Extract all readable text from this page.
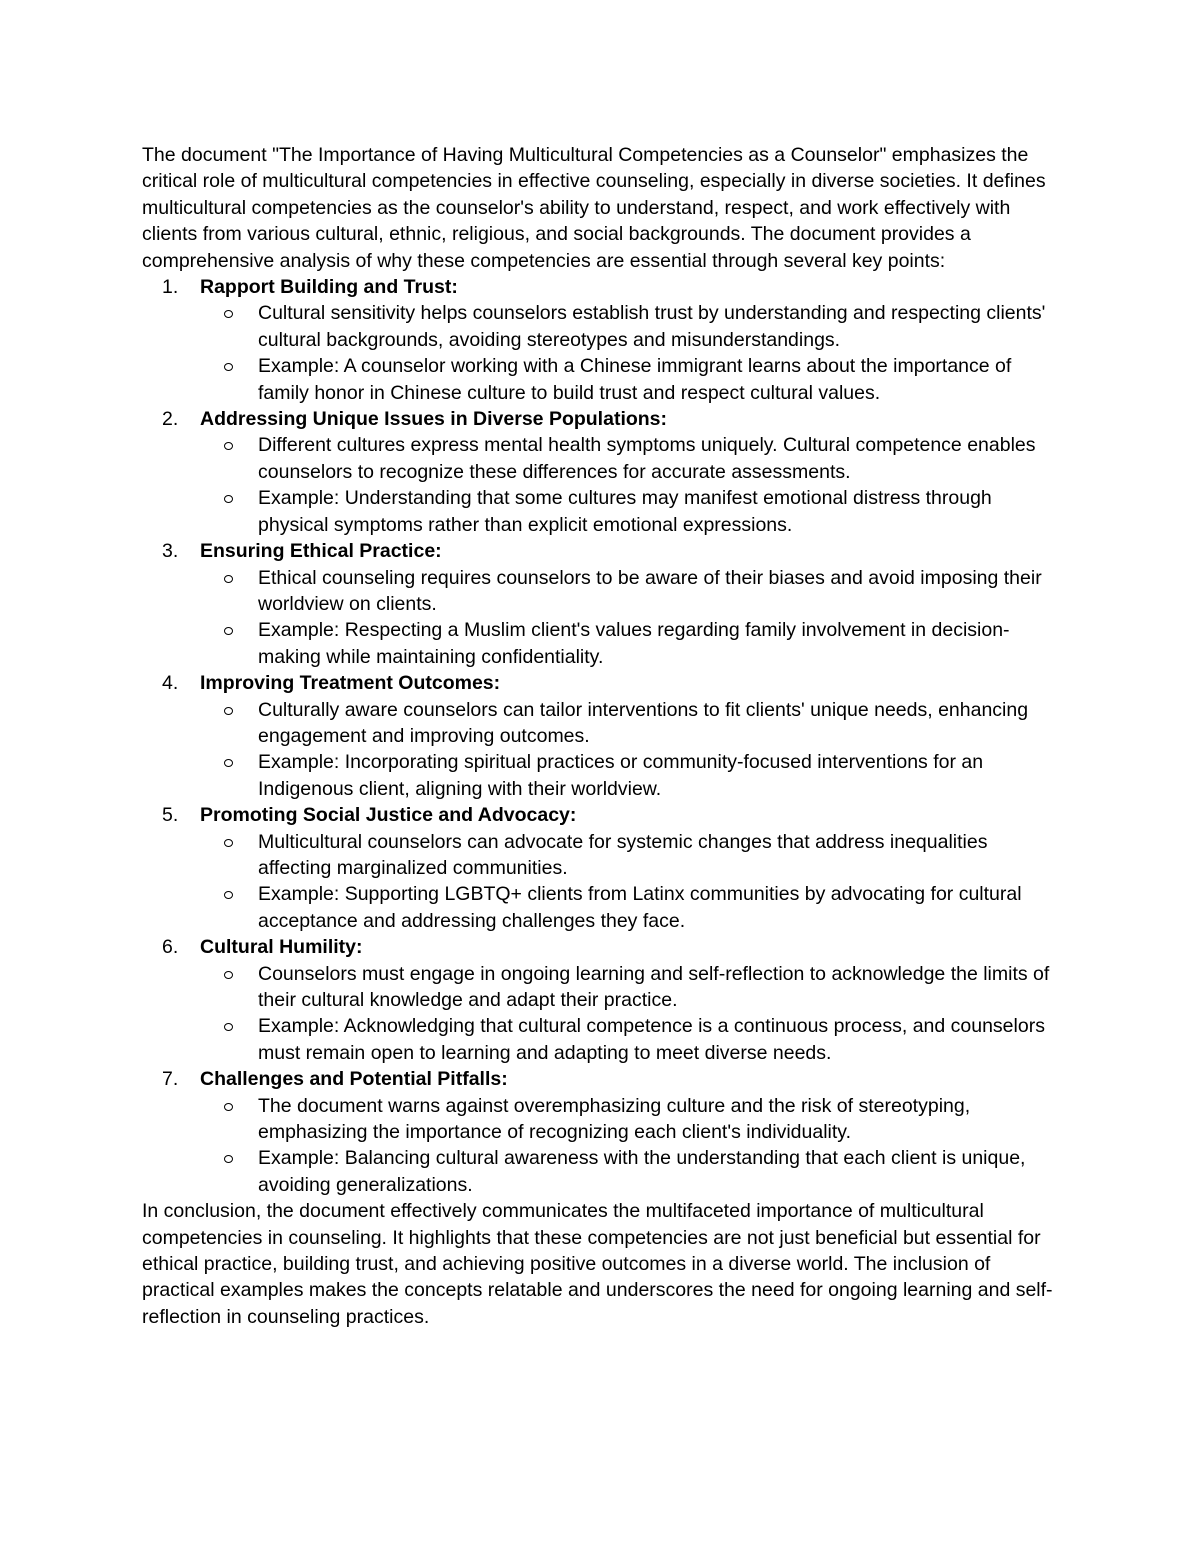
The document "The Importance of Having Multicultural Competencies as a Counselor" emphasizes the critical role of multicultural competencies in effective counseling, especially in diverse societies. It defines multicultural competencies as the counselor's ability to understand, respect, and work effectively with clients from various cultural, ethnic, religious, and social backgrounds. The document provides a comprehensive analysis of why these competencies are essential through several key points:

1. Rapport Building and Trust:
Cultural sensitivity helps counselors establish trust by understanding and respecting clients' cultural backgrounds, avoiding stereotypes and misunderstandings.
Example: A counselor working with a Chinese immigrant learns about the importance of family honor in Chinese culture to build trust and respect cultural values.
2. Addressing Unique Issues in Diverse Populations:
Different cultures express mental health symptoms uniquely. Cultural competence enables counselors to recognize these differences for accurate assessments.
Example: Understanding that some cultures may manifest emotional distress through physical symptoms rather than explicit emotional expressions.
3. Ensuring Ethical Practice:
Ethical counseling requires counselors to be aware of their biases and avoid imposing their worldview on clients.
Example: Respecting a Muslim client's values regarding family involvement in decision-making while maintaining confidentiality.
4. Improving Treatment Outcomes:
Culturally aware counselors can tailor interventions to fit clients' unique needs, enhancing engagement and improving outcomes.
Example: Incorporating spiritual practices or community-focused interventions for an Indigenous client, aligning with their worldview.
5. Promoting Social Justice and Advocacy:
Multicultural counselors can advocate for systemic changes that address inequalities affecting marginalized communities.
Example: Supporting LGBTQ+ clients from Latinx communities by advocating for cultural acceptance and addressing challenges they face.
6. Cultural Humility:
Counselors must engage in ongoing learning and self-reflection to acknowledge the limits of their cultural knowledge and adapt their practice.
Example: Acknowledging that cultural competence is a continuous process, and counselors must remain open to learning and adapting to meet diverse needs.
7. Challenges and Potential Pitfalls:
The document warns against overemphasizing culture and the risk of stereotyping, emphasizing the importance of recognizing each client's individuality.
Example: Balancing cultural awareness with the understanding that each client is unique, avoiding generalizations.

In conclusion, the document effectively communicates the multifaceted importance of multicultural competencies in counseling. It highlights that these competencies are not just beneficial but essential for ethical practice, building trust, and achieving positive outcomes in a diverse world. The inclusion of practical examples makes the concepts relatable and underscores the need for ongoing learning and self-reflection in counseling practices.
